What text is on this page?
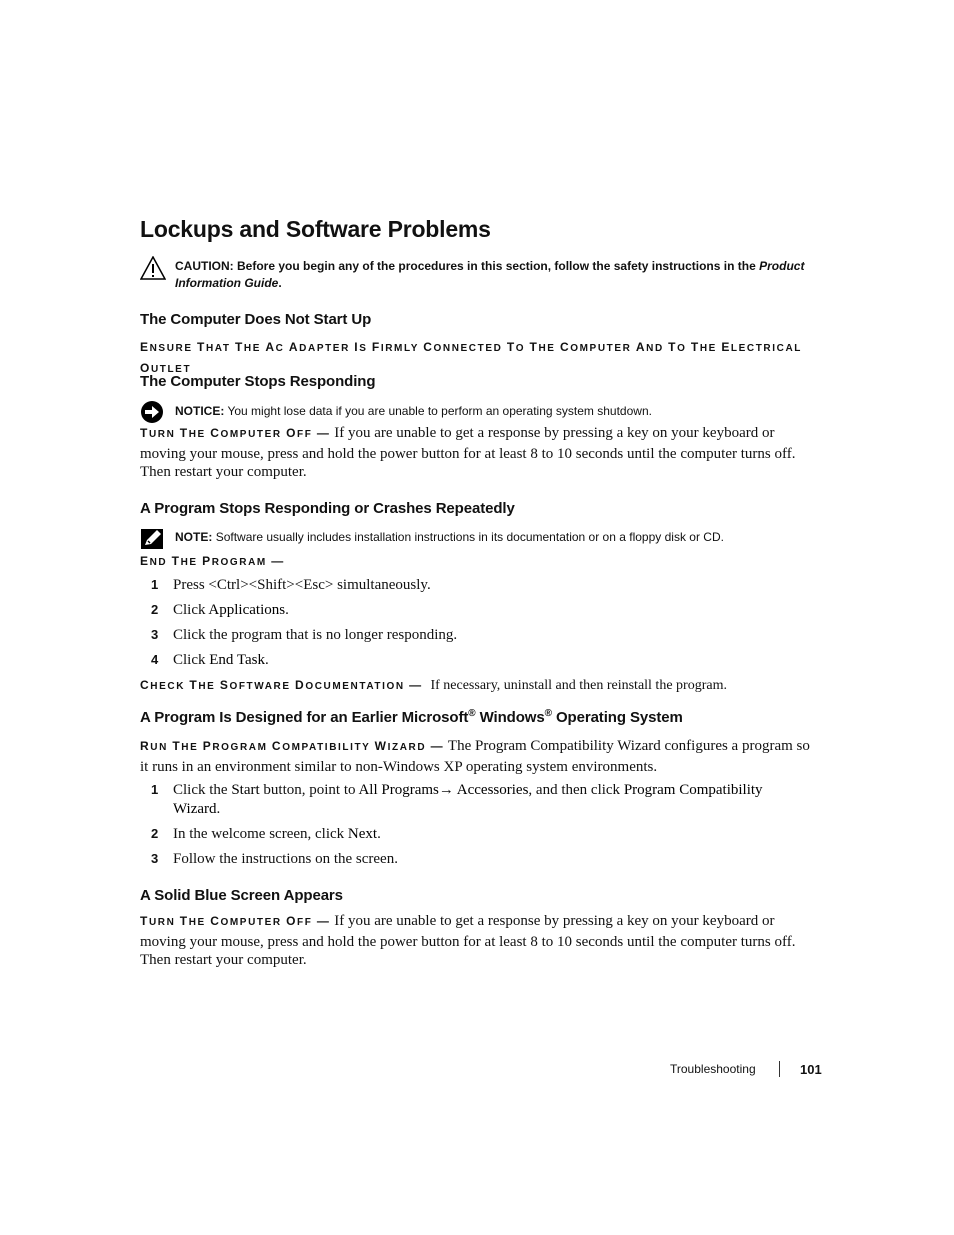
Lockups and Software Problems
CAUTION: Before you begin any of the procedures in this section, follow the safety instructions in the Product Information Guide.
The Computer Does Not Start Up
ENSURE THAT THE AC ADAPTER IS FIRMLY CONNECTED TO THE COMPUTER AND TO THE ELECTRICAL OUTLET
The Computer Stops Responding
NOTICE: You might lose data if you are unable to perform an operating system shutdown.
TURN THE COMPUTER OFF — If you are unable to get a response by pressing a key on your keyboard or moving your mouse, press and hold the power button for at least 8 to 10 seconds until the computer turns off. Then restart your computer.
A Program Stops Responding or Crashes Repeatedly
NOTE: Software usually includes installation instructions in its documentation or on a floppy disk or CD.
END THE PROGRAM —
1 Press <Ctrl><Shift><Esc> simultaneously.
2 Click Applications.
3 Click the program that is no longer responding.
4 Click End Task.
CHECK THE SOFTWARE DOCUMENTATION — If necessary, uninstall and then reinstall the program.
A Program Is Designed for an Earlier Microsoft® Windows® Operating System
RUN THE PROGRAM COMPATIBILITY WIZARD — The Program Compatibility Wizard configures a program so it runs in an environment similar to non-Windows XP operating system environments.
1 Click the Start button, point to All Programs→ Accessories, and then click Program Compatibility Wizard.
2 In the welcome screen, click Next.
3 Follow the instructions on the screen.
A Solid Blue Screen Appears
TURN THE COMPUTER OFF — If you are unable to get a response by pressing a key on your keyboard or moving your mouse, press and hold the power button for at least 8 to 10 seconds until the computer turns off. Then restart your computer.
Troubleshooting	101
